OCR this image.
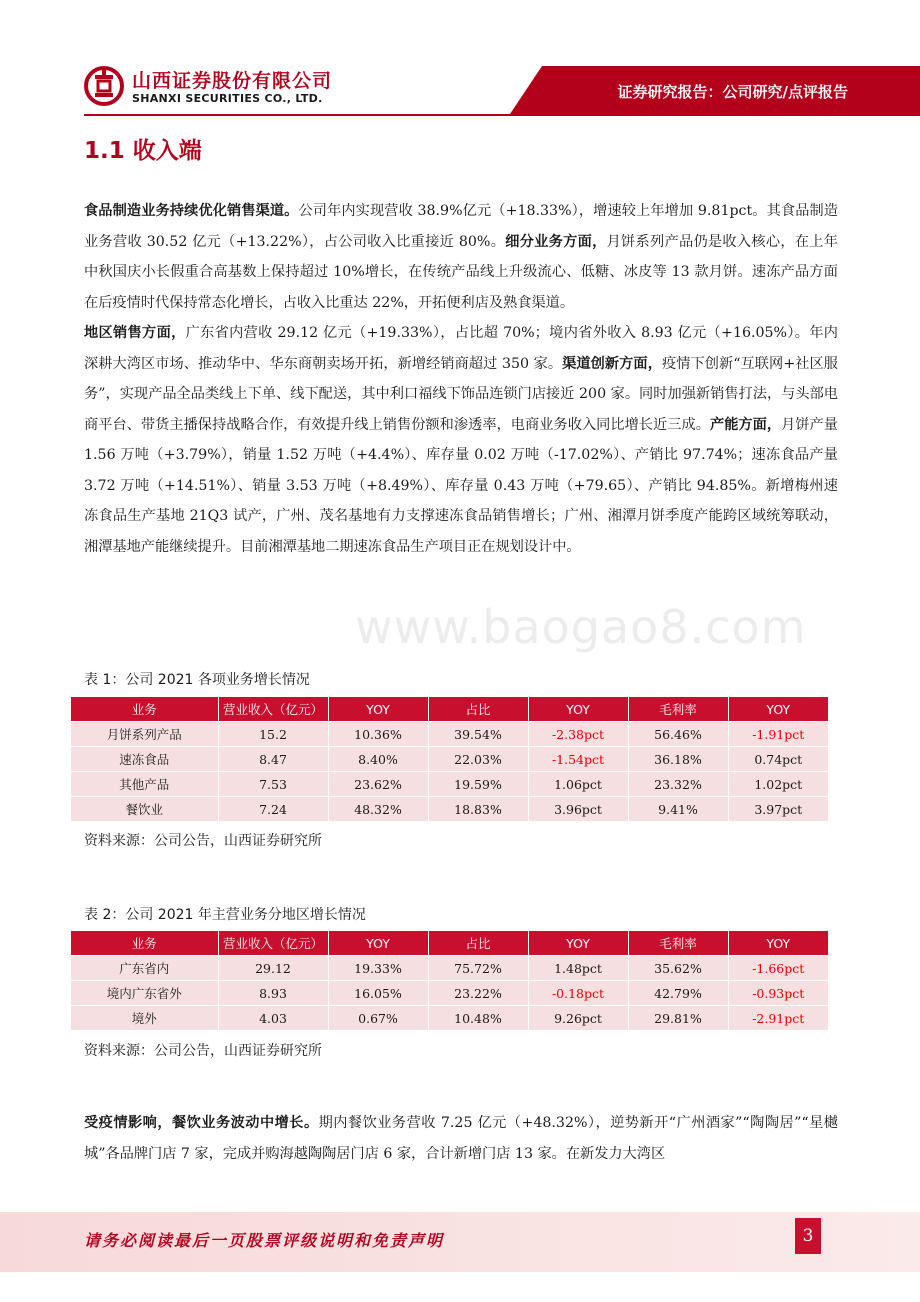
山西证券股份有限公司
SHANXI SECURITIES CO., LTD.	证券研究报告：公司研究/点评报告
1.1 收入端
食品制造业务持续优化销售渠道。公司年内实现营收 38.9%亿元（+18.33%），增速较上年增加 9.81pct。其食品制造业务营收 30.52 亿元（+13.22%），占公司收入比重接近 80%。细分业务方面，月饼系列产品仍是收入核心，在上年中秋国庆小长假重合高基数上保持超过 10%增长，在传统产品线上升级流心、低糖、冰皮等 13 款月饼。速冻产品方面在后疫情时代保持常态化增长，占收入比重达 22%，开拓便利店及熟食渠道。
地区销售方面，广东省内营收 29.12 亿元（+19.33%），占比超 70%；境内省外收入 8.93 亿元（+16.05%）。年内深耕大湾区市场、推动华中、华东商朝卖场开拓，新增经销商超过 350 家。渠道创新方面，疫情下创新“互联网+社区服务”，实现产品全品类线上下单、线下配送，其中利口福线下饰品连锁门店接近 200 家。同时加强新销售打法，与头部电商平台、带货主播保持战略合作，有效提升线上销售份额和渗透率，电商业务收入同比增长近三成。产能方面，月饼产量 1.56 万吨（+3.79%），销量 1.52 万吨（+4.4%）、库存量 0.02 万吨（-17.02%）、产销比 97.74%；速冻食品产量 3.72 万吨（+14.51%）、销量 3.53 万吨（+8.49%）、库存量 0.43 万吨（+79.65）、产销比 94.85%。新增梅州速冻食品生产基地 21Q3 试产，广州、茂名基地有力支撑速冻食品销售增长；广州、湘潭月饼季度产能跨区域统筹联动，湘潭基地产能继续提升。目前湘潭基地二期速冻食品生产项目正在规划设计中。
www.baogao8.com
表 1：公司 2021 各项业务增长情况
业务	营业收入（亿元）	YOY	占比	YOY	毛利率	YOY
月饼系列产品	15.2	10.36%	39.54%	-2.38pct	56.46%	-1.91pct
速冻食品	8.47	8.40%	22.03%	-1.54pct	36.18%	0.74pct
其他产品	7.53	23.62%	19.59%	1.06pct	23.32%	1.02pct
餐饮业	7.24	48.32%	18.83%	3.96pct	9.41%	3.97pct
资料来源：公司公告，山西证券研究所
表 2：公司 2021 年主营业务分地区增长情况
业务	营业收入（亿元）	YOY	占比	YOY	毛利率	YOY
广东省内	29.12	19.33%	75.72%	1.48pct	35.62%	-1.66pct
境内广东省外	8.93	16.05%	23.22%	-0.18pct	42.79%	-0.93pct
境外	4.03	0.67%	10.48%	9.26pct	29.81%	-2.91pct
资料来源：公司公告，山西证券研究所
受疫情影响，餐饮业务波动中增长。期内餐饮业务营收 7.25 亿元（+48.32%），逆势新开“广州酒家”“陶陶居”“星樾城”各品牌门店 7 家，完成并购海越陶陶居门店 6 家，合计新增门店 13 家。在新发力大湾区
请务必阅读最后一页股票评级说明和免责声明	3
